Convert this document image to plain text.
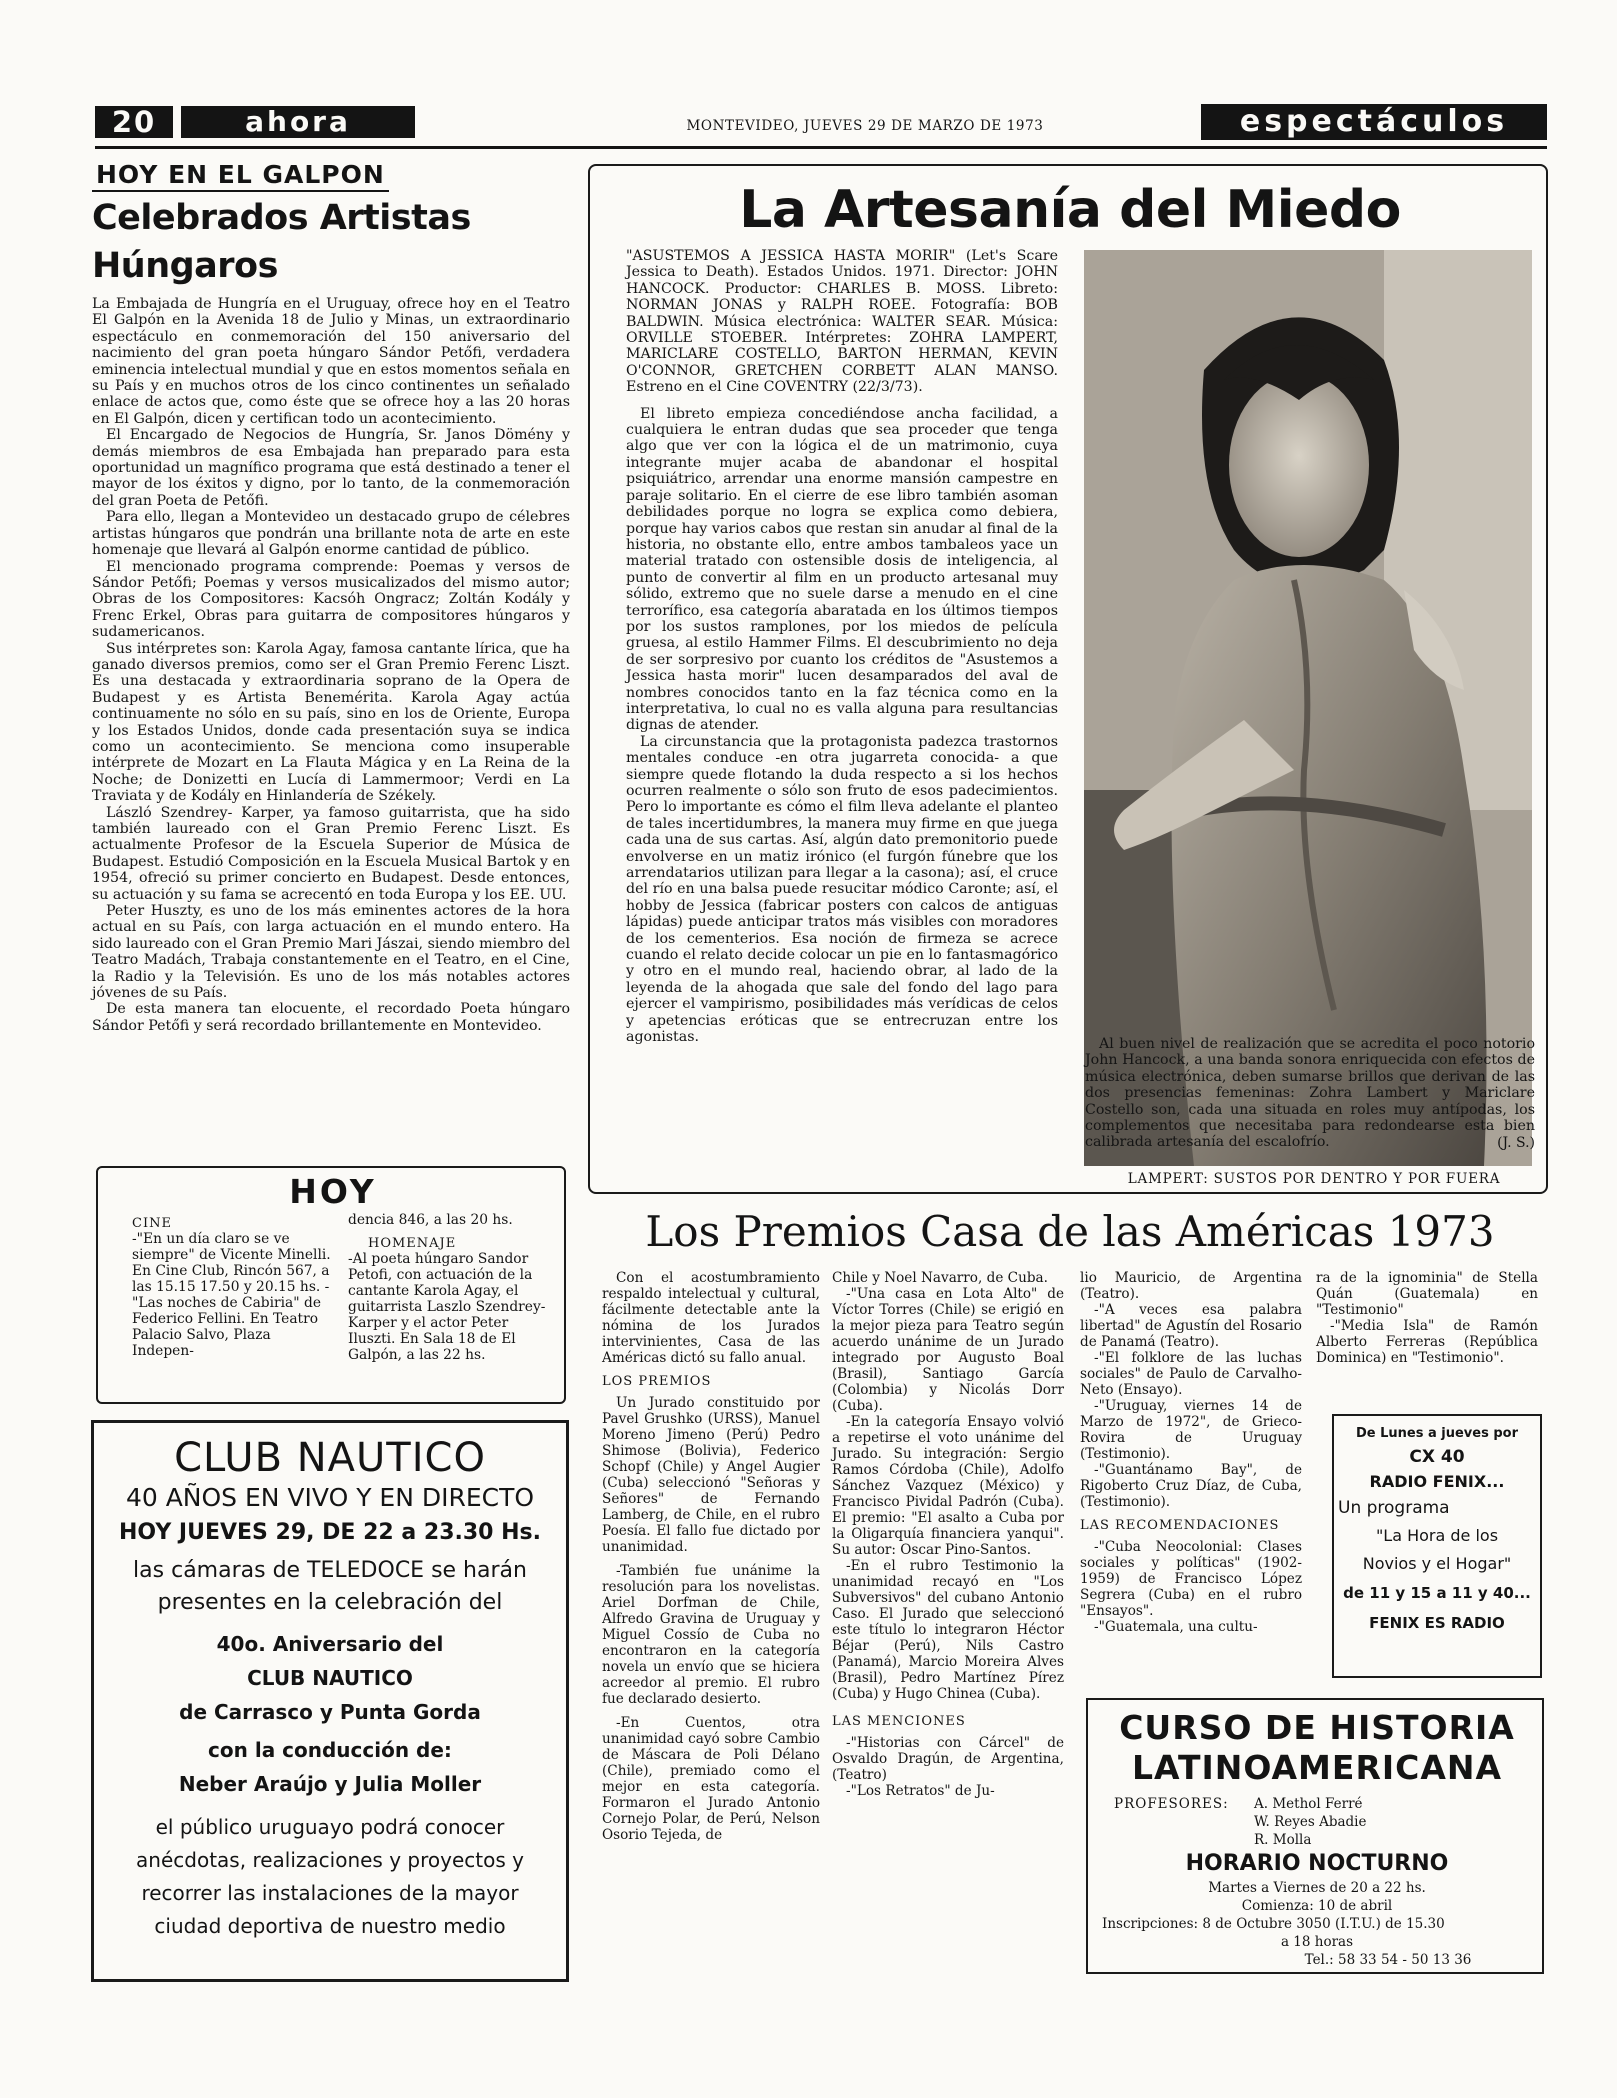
20	ahora	MONTEVIDEO, JUEVES 29 DE MARZO DE 1973	espectáculos
HOY EN EL GALPON
Celebrados Artistas Húngaros

La Embajada de Hungría en el Uruguay, ofrece hoy en el Teatro El Galpón en la Avenida 18 de Julio y Minas, un extraordinario espectáculo en conmemoración del 150 aniversario del nacimiento del gran poeta húngaro Sándor Petőfi, verdadera eminencia intelectual mundial y que en estos momentos señala en su País y en muchos otros de los cinco continentes un señalado enlace de actos que, como éste que se ofrece hoy a las 20 horas en El Galpón, dicen y certifican todo un acontecimiento.

El Encargado de Negocios de Hungría, Sr. Janos Dömény y demás miembros de esa Embajada han preparado para esta oportunidad un magnífico programa que está destinado a tener el mayor de los éxitos y digno, por lo tanto, de la conmemoración del gran Poeta de Petőfi.

Para ello, llegan a Montevideo un destacado grupo de célebres artistas húngaros que pondrán una brillante nota de arte en este homenaje que llevará al Galpón enorme cantidad de público.

El mencionado programa comprende: Poemas y versos de Sándor Petőfi; Poemas y versos musicalizados del mismo autor; Obras de los Compositores: Kacsóh Ongracz; Zoltán Kodály y Frenc Erkel, Obras para guitarra de compositores húngaros y sudamericanos.

Sus intérpretes son: Karola Agay, famosa cantante lírica, que ha ganado diversos premios, como ser el Gran Premio Ferenc Liszt. Es una destacada y extraordinaria soprano de la Opera de Budapest y es Artista Benemérita. Karola Agay actúa continuamente no sólo en su país, sino en los de Oriente, Europa y los Estados Unidos, donde cada presentación suya se indica como un acontecimiento. Se menciona como insuperable intérprete de Mozart en La Flauta Mágica y en La Reina de la Noche; de Donizetti en Lucía di Lammermoor; Verdi en La Traviata y de Kodály en Hinlandería de Székely.

László Szendrey- Karper, ya famoso guitarrista, que ha sido también laureado con el Gran Premio Ferenc Liszt. Es actualmente Profesor de la Escuela Superior de Música de Budapest. Estudió Composición en la Escuela Musical Bartok y en 1954, ofreció su primer concierto en Budapest. Desde entonces, su actuación y su fama se acrecentó en toda Europa y los EE. UU.

Peter Huszty, es uno de los más eminentes actores de la hora actual en su País, con larga actuación en el mundo entero. Ha sido laureado con el Gran Premio Mari Jászai, siendo miembro del Teatro Madách, Trabaja constantemente en el Teatro, en el Cine, la Radio y la Televisión. Es uno de los más notables actores jóvenes de su País.

De esta manera tan elocuente, el recordado Poeta húngaro Sándor Petőfi y será recordado brillantemente en Montevideo.

HOY
CINE

-"En un día claro se ve siempre" de Vicente Minelli. En Cine Club, Rincón 567, a las 15.15 17.50 y 20.15 hs. -"Las noches de Cabiria" de Federico Fellini. En Teatro Palacio Salvo, Plaza Indepen-

dencia 846, a las 20 hs.

HOMENAJE

-Al poeta húngaro Sandor Petofi, con actuación de la cantante Karola Agay, el guitarrista Laszlo Szendrey-Karper y el actor Peter Iluszti. En Sala 18 de El Galpón, a las 22 hs.

CLUB NAUTICO

40 AÑOS EN VIVO Y EN DIRECTO

HOY JUEVES 29, DE 22 a 23.30 Hs.

las cámaras de TELEDOCE se harán

presentes en la celebración del

40o. Aniversario del

CLUB NAUTICO

de Carrasco y Punta Gorda

con la conducción de:

Neber Araújo y Julia Moller

el público uruguayo podrá conocer

anécdotas, realizaciones y proyectos y

recorrer las instalaciones de la mayor

ciudad deportiva de nuestro medio

La Artesanía del Miedo

"ASUSTEMOS A JESSICA HASTA MORIR" (Let's Scare Jessica to Death). Estados Unidos. 1971. Director: JOHN HANCOCK. Productor: CHARLES B. MOSS. Libreto: NORMAN JONAS y RALPH ROEE. Fotografía: BOB BALDWIN. Música electrónica: WALTER SEAR. Música: ORVILLE STOEBER. Intérpretes: ZOHRA LAMPERT, MARICLARE COSTELLO, BARTON HERMAN, KEVIN O'CONNOR, GRETCHEN CORBETT ALAN MANSO. Estreno en el Cine COVENTRY (22/3/73).

El libreto empieza concediéndose ancha facilidad, a cualquiera le entran dudas que sea proceder que tenga algo que ver con la lógica el de un matrimonio, cuya integrante mujer acaba de abandonar el hospital psiquiátrico, arrendar una enorme mansión campestre en paraje solitario. En el cierre de ese libro también asoman debilidades porque no logra se explica como debiera, porque hay varios cabos que restan sin anudar al final de la historia, no obstante ello, entre ambos tambaleos yace un material tratado con ostensible dosis de inteligencia, al punto de convertir al film en un producto artesanal muy sólido, extremo que no suele darse a menudo en el cine terrorífico, esa categoría abaratada en los últimos tiempos por los sustos ramplones, por los miedos de película gruesa, al estilo Hammer Films. El descubrimiento no deja de ser sorpresivo por cuanto los créditos de "Asustemos a Jessica hasta morir" lucen desamparados del aval de nombres conocidos tanto en la faz técnica como en la interpretativa, lo cual no es valla alguna para resultancias dignas de atender.

La circunstancia que la protagonista padezca trastornos mentales conduce -en otra jugarreta conocida- a que siempre quede flotando la duda respecto a si los hechos ocurren realmente o sólo son fruto de esos padecimientos. Pero lo importante es cómo el film lleva adelante el planteo de tales incertidumbres, la manera muy firme en que juega cada una de sus cartas. Así, algún dato premonitorio puede envolverse en un matiz irónico (el furgón fúnebre que los arrendatarios utilizan para llegar a la casona); así, el cruce del río en una balsa puede resucitar módico Caronte; así, el hobby de Jessica (fabricar posters con calcos de antiguas lápidas) puede anticipar tratos más visibles con moradores de los cementerios. Esa noción de firmeza se acrece cuando el relato decide colocar un pie en lo fantasmagórico y otro en el mundo real, haciendo obrar, al lado de la leyenda de la ahogada que sale del fondo del lago para ejercer el vampirismo, posibilidades más verídicas de celos y apetencias eróticas que se entrecruzan entre los agonistas.

LAMPERT: SUSTOS POR DENTRO Y POR FUERA

Al buen nivel de realización que se acredita el poco notorio John Hancock, a una banda sonora enriquecida con efectos de música electrónica, deben sumarse brillos que derivan de las dos presencias femeninas: Zohra Lambert y Mariclare Costello son, cada una situada en roles muy antípodas, los complementos que necesitaba para redondearse esta bien calibrada artesanía del escalofrío.	(J. S.)
Los Premios Casa de las Américas 1973

Con el acostumbramiento respaldo intelectual y cultural, fácilmente detectable ante la nómina de los Jurados intervinientes, Casa de las Américas dictó su fallo anual.

LOS PREMIOS

Un Jurado constituido por Pavel Grushko (URSS), Manuel Moreno Jimeno (Perú) Pedro Shimose (Bolivia), Federico Schopf (Chile) y Angel Augier (Cuba) seleccionó "Señoras y Señores" de Fernando Lamberg, de Chile, en el rubro Poesía. El fallo fue dictado por unanimidad.

-También fue unánime la resolución para los novelistas. Ariel Dorfman de Chile, Alfredo Gravina de Uruguay y Miguel Cossío de Cuba no encontraron en la categoría novela un envío que se hiciera acreedor al premio. El rubro fue declarado desierto.

-En Cuentos, otra unanimidad cayó sobre Cambio de Máscara de Poli Délano (Chile), premiado como el mejor en esta categoría. Formaron el Jurado Antonio Cornejo Polar, de Perú, Nelson Osorio Tejeda, de

Chile y Noel Navarro, de Cuba.

-"Una casa en Lota Alto" de Víctor Torres (Chile) se erigió en la mejor pieza para Teatro según acuerdo unánime de un Jurado integrado por Augusto Boal (Brasil), Santiago García (Colombia) y Nicolás Dorr (Cuba).

-En la categoría Ensayo volvió a repetirse el voto unánime del Jurado. Su integración: Sergio Ramos Córdoba (Chile), Adolfo Sánchez Vazquez (México) y Francisco Pividal Padrón (Cuba). El premio: "El asalto a Cuba por la Oligarquía financiera yanqui". Su autor: Oscar Pino-Santos.

-En el rubro Testimonio la unanimidad recayó en "Los Subversivos" del cubano Antonio Caso. El Jurado que seleccionó este título lo integraron Héctor Béjar (Perú), Nils Castro (Panamá), Marcio Moreira Alves (Brasil), Pedro Martínez Pírez (Cuba) y Hugo Chinea (Cuba).

LAS MENCIONES

-"Historias con Cárcel" de Osvaldo Dragún, de Argentina, (Teatro)

-"Los Retratos" de Ju-

lio Mauricio, de Argentina (Teatro).

-"A veces esa palabra libertad" de Agustín del Rosario de Panamá (Teatro).

-"El folklore de las luchas sociales" de Paulo de Carvalho-Neto (Ensayo).

-"Uruguay, viernes 14 de Marzo de 1972", de Grieco-Rovira de Uruguay (Testimonio).

-"Guantánamo Bay", de Rigoberto Cruz Díaz, de Cuba, (Testimonio).

LAS RECOMENDACIONES

-"Cuba Neocolonial: Clases sociales y políticas" (1902-1959) de Francisco López Segrera (Cuba) en el rubro "Ensayos".

-"Guatemala, una cultu-

ra de la ignominia" de Stella Quán (Guatemala) en "Testimonio"

-"Media Isla" de Ramón Alberto Ferreras (República Dominica) en "Testimonio".

De Lunes a jueves por

CX 40

RADIO FENIX...

Un programa

"La Hora de los

Novios y el Hogar"

de 11 y 15 a 11 y 40...

FENIX ES RADIO

CURSO DE HISTORIA
LATINOAMERICANA
PROFESORES: A. Methol Ferré
W. Reyes Abadie
R. Molla
HORARIO NOCTURNO
Martes a Viernes de 20 a 22 hs.
Comienza: 10 de abril
Inscripciones: 8 de Octubre 3050 (I.T.U.) de 15.30
a 18 horas
Tel.: 58 33 54 - 50 13 36
